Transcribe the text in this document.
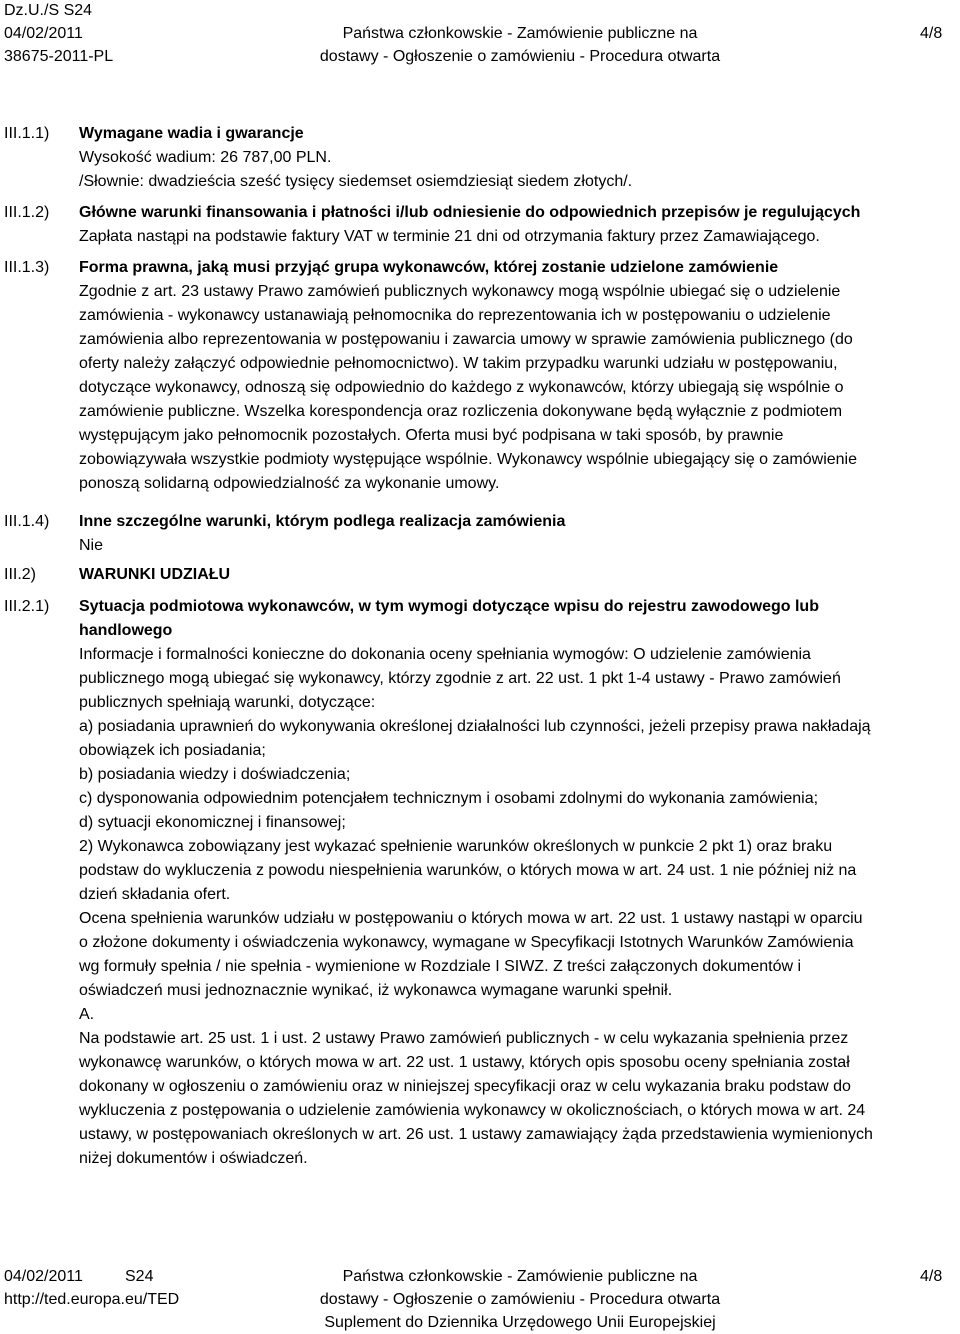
Dz.U./S S24
04/02/2011
38675-2011-PL
Państwa członkowskie - Zamówienie publiczne na
dostawy - Ogłoszenie o zamówieniu - Procedura otwarta
4/8
III.1.1) Wymagane wadia i gwarancje
Wysokość wadium: 26 787,00 PLN.
/Słownie: dwadzieścia sześć tysięcy siedemset osiemdziesiąt siedem złotych/.
III.1.2) Główne warunki finansowania i płatności i/lub odniesienie do odpowiednich przepisów je regulujących
Zapłata nastąpi na podstawie faktury VAT w terminie 21 dni od otrzymania faktury przez Zamawiającego.
III.1.3) Forma prawna, jaką musi przyjąć grupa wykonawców, której zostanie udzielone zamówienie
Zgodnie z art. 23 ustawy Prawo zamówień publicznych wykonawcy mogą wspólnie ubiegać się o udzielenie
zamówienia - wykonawcy ustanawiają pełnomocnika do reprezentowania ich w postępowaniu o udzielenie
zamówienia albo reprezentowania w postępowaniu i zawarcia umowy w sprawie zamówienia publicznego (do
oferty należy załączyć odpowiednie pełnomocnictwo). W takim przypadku warunki udziału w postępowaniu,
dotyczące wykonawcy, odnoszą się odpowiednio do każdego z wykonawców, którzy ubiegają się wspólnie o
zamówienie publiczne. Wszelka korespondencja oraz rozliczenia dokonywane będą wyłącznie z podmiotem
występującym jako pełnomocnik pozostałych. Oferta musi być podpisana w taki sposób, by prawnie
zobowiązywała wszystkie podmioty występujące wspólnie. Wykonawcy wspólnie ubiegający się o zamówienie
ponoszą solidarną odpowiedzialność za wykonanie umowy.
III.1.4) Inne szczególne warunki, którym podlega realizacja zamówienia
Nie
III.2)	WARUNKI UDZIAŁU
III.2.1) Sytuacja podmiotowa wykonawców, w tym wymogi dotyczące wpisu do rejestru zawodowego lub
handlowego
Informacje i formalności konieczne do dokonania oceny spełniania wymogów: O udzielenie zamówienia
publicznego mogą ubiegać się wykonawcy, którzy zgodnie z art. 22 ust. 1 pkt 1-4 ustawy - Prawo zamówień
publicznych spełniają warunki, dotyczące:
a) posiadania uprawnień do wykonywania określonej działalności lub czynności, jeżeli przepisy prawa nakładają
obowiązek ich posiadania;
b) posiadania wiedzy i doświadczenia;
c) dysponowania odpowiednim potencjałem technicznym i osobami zdolnymi do wykonania zamówienia;
d) sytuacji ekonomicznej i finansowej;
2) Wykonawca zobowiązany jest wykazać spełnienie warunków określonych w punkcie 2 pkt 1) oraz braku
podstaw do wykluczenia z powodu niespełnienia warunków, o których mowa w art. 24 ust. 1 nie później niż na
dzień składania ofert.
Ocena spełnienia warunków udziału w postępowaniu o których mowa w art. 22 ust. 1 ustawy nastąpi w oparciu
o złożone dokumenty i oświadczenia wykonawcy, wymagane w Specyfikacji Istotnych Warunków Zamówienia
wg formuły spełnia / nie spełnia - wymienione w Rozdziale I SIWZ. Z treści załączonych dokumentów i
oświadczeń musi jednoznacznie wynikać, iż wykonawca wymagane warunki spełnił.
A.
Na podstawie art. 25 ust. 1 i ust. 2 ustawy Prawo zamówień publicznych - w celu wykazania spełnienia przez
wykonawcę warunków, o których mowa w art. 22 ust. 1 ustawy, których opis sposobu oceny spełniania został
dokonany w ogłoszeniu o zamówieniu oraz w niniejszej specyfikacji oraz w celu wykazania braku podstaw do
wykluczenia z postępowania o udzielenie zamówienia wykonawcy w okolicznościach, o których mowa w art. 24
ustawy, w postępowaniach określonych w art. 26 ust. 1 ustawy zamawiający żąda przedstawienia wymienionych
niżej dokumentów i oświadczeń.
04/02/2011	S24
http://ted.europa.eu/TED
Państwa członkowskie - Zamówienie publiczne na
dostawy - Ogłoszenie o zamówieniu - Procedura otwarta
Suplement do Dziennika Urzędowego Unii Europejskiej
4/8
